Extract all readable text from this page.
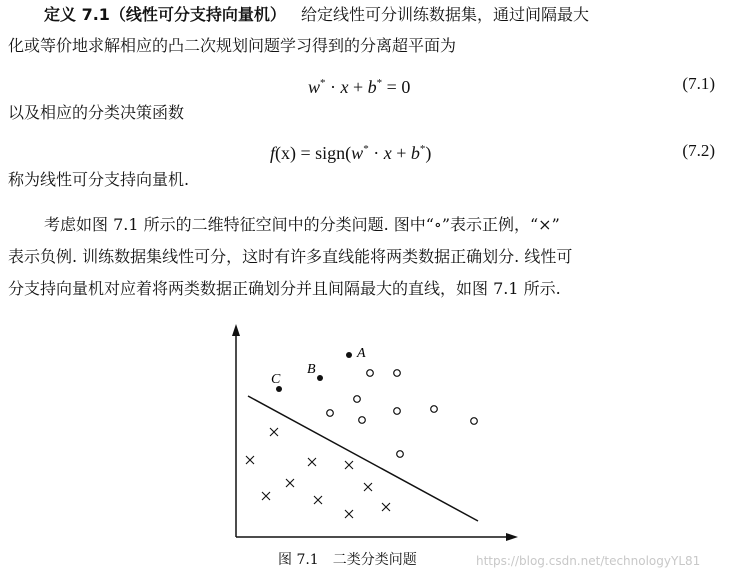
定义 7.1（线性可分支持向量机） 给定线性可分训练数据集，通过间隔最大
化或等价地求解相应的凸二次规划问题学习得到的分离超平面为
w* · x + b* = 0	(7.1)
以及相应的分类决策函数
f(x) = sign(w* · x + b*)	(7.2)
称为线性可分支持向量机.
考虑如图 7.1 所示的二维特征空间中的分类问题. 图中“∘”表示正例，“×”
表示负例. 训练数据集线性可分，这时有许多直线能将两类数据正确划分. 线性可
分支持向量机对应着将两类数据正确划分并且间隔最大的直线，如图 7.1 所示.
A
B
C
图 7.1　二类分类问题	https://blog.csdn.net/technologyYL81
